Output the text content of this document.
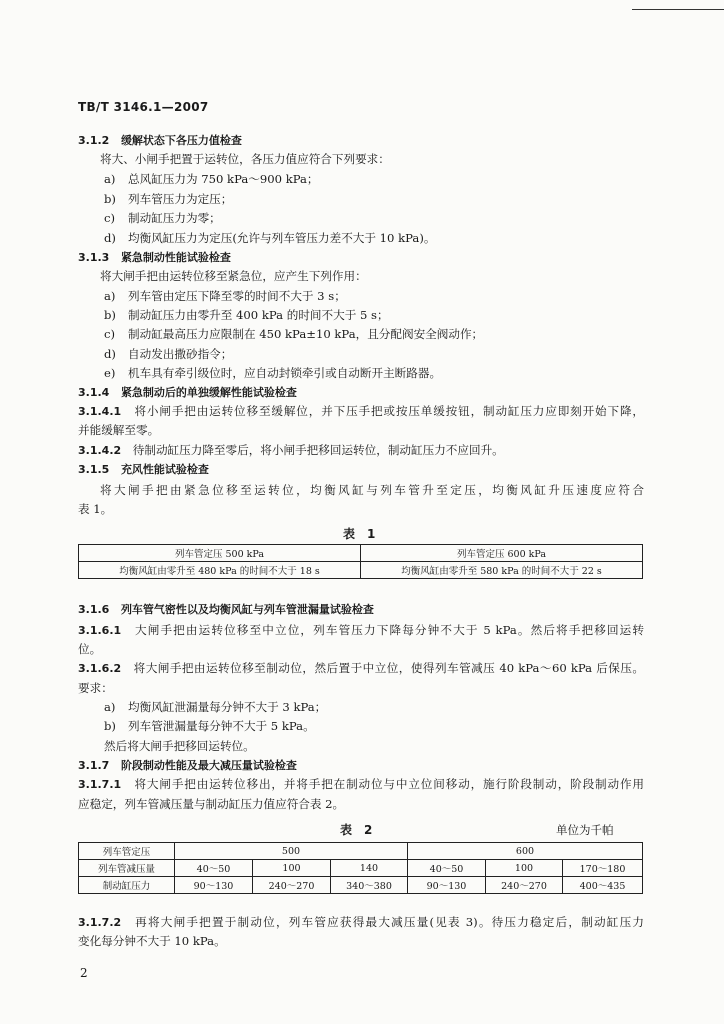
TB/T 3146.1—2007
3.1.2　 缓解状态下各压力值检查
将大、小闸手把置于运转位，各压力值应符合下列要求：
a) 总风缸压力为 750 kPa～900 kPa；
b) 列车管压力为定压；
c) 制动缸压力为零；
d) 均衡风缸压力为定压(允许与列车管压力差不大于 10 kPa)。
3.1.3　 紧急制动性能试验检查
将大闸手把由运转位移至紧急位，应产生下列作用：
a) 列车管由定压下降至零的时间不大于 3 s；
b) 制动缸压力由零升至 400 kPa 的时间不大于 5 s；
c) 制动缸最高压力应限制在 450 kPa±10 kPa，且分配阀安全阀动作；
d) 自动发出撒砂指令；
e) 机车具有牵引级位时，应自动封锁牵引或自动断开主断路器。
3.1.4　 紧急制动后的单独缓解性能试验检查
3.1.4.1　 将小闸手把由运转位移至缓解位，并下压手把或按压单缓按钮，制动缸压力应即刻开始下降，
并能缓解至零。
3.1.4.2　 待制动缸压力降至零后，将小闸手把移回运转位，制动缸压力不应回升。
3.1.5　 充风性能试验检查
将大闸手把由紧急位移至运转位，均衡风缸与列车管升至定压，均衡风缸升压速度应符合
表 1。
表　1
列车管定压 500 kPa	列车管定压 600 kPa
均衡风缸由零升至 480 kPa 的时间不大于 18 s	均衡风缸由零升至 580 kPa 的时间不大于 22 s
3.1.6　 列车管气密性以及均衡风缸与列车管泄漏量试验检查
3.1.6.1　 大闸手把由运转位移至中立位，列车管压力下降每分钟不大于 5 kPa。然后将手把移回运转
位。
3.1.6.2　 将大闸手把由运转位移至制动位，然后置于中立位，使得列车管减压 40 kPa～60 kPa 后保压。
要求：
a) 均衡风缸泄漏量每分钟不大于 3 kPa；
b) 列车管泄漏量每分钟不大于 5 kPa。
然后将大闸手把移回运转位。
3.1.7　 阶段制动性能及最大减压量试验检查
3.1.7.1　 将大闸手把由运转位移出，并将手把在制动位与中立位间移动，施行阶段制动，阶段制动作用
应稳定，列车管减压量与制动缸压力值应符合表 2。
表　2	单位为千帕
列车管定压	500			600		
列车管减压量	40～50	100	140	40～50	100	170～180
制动缸压力	90～130	240～270	340～380	90～130	240～270	400～435
3.1.7.2　 再将大闸手把置于制动位，列车管应获得最大减压量(见表 3)。待压力稳定后，制动缸压力
变化每分钟不大于 10 kPa。
2
